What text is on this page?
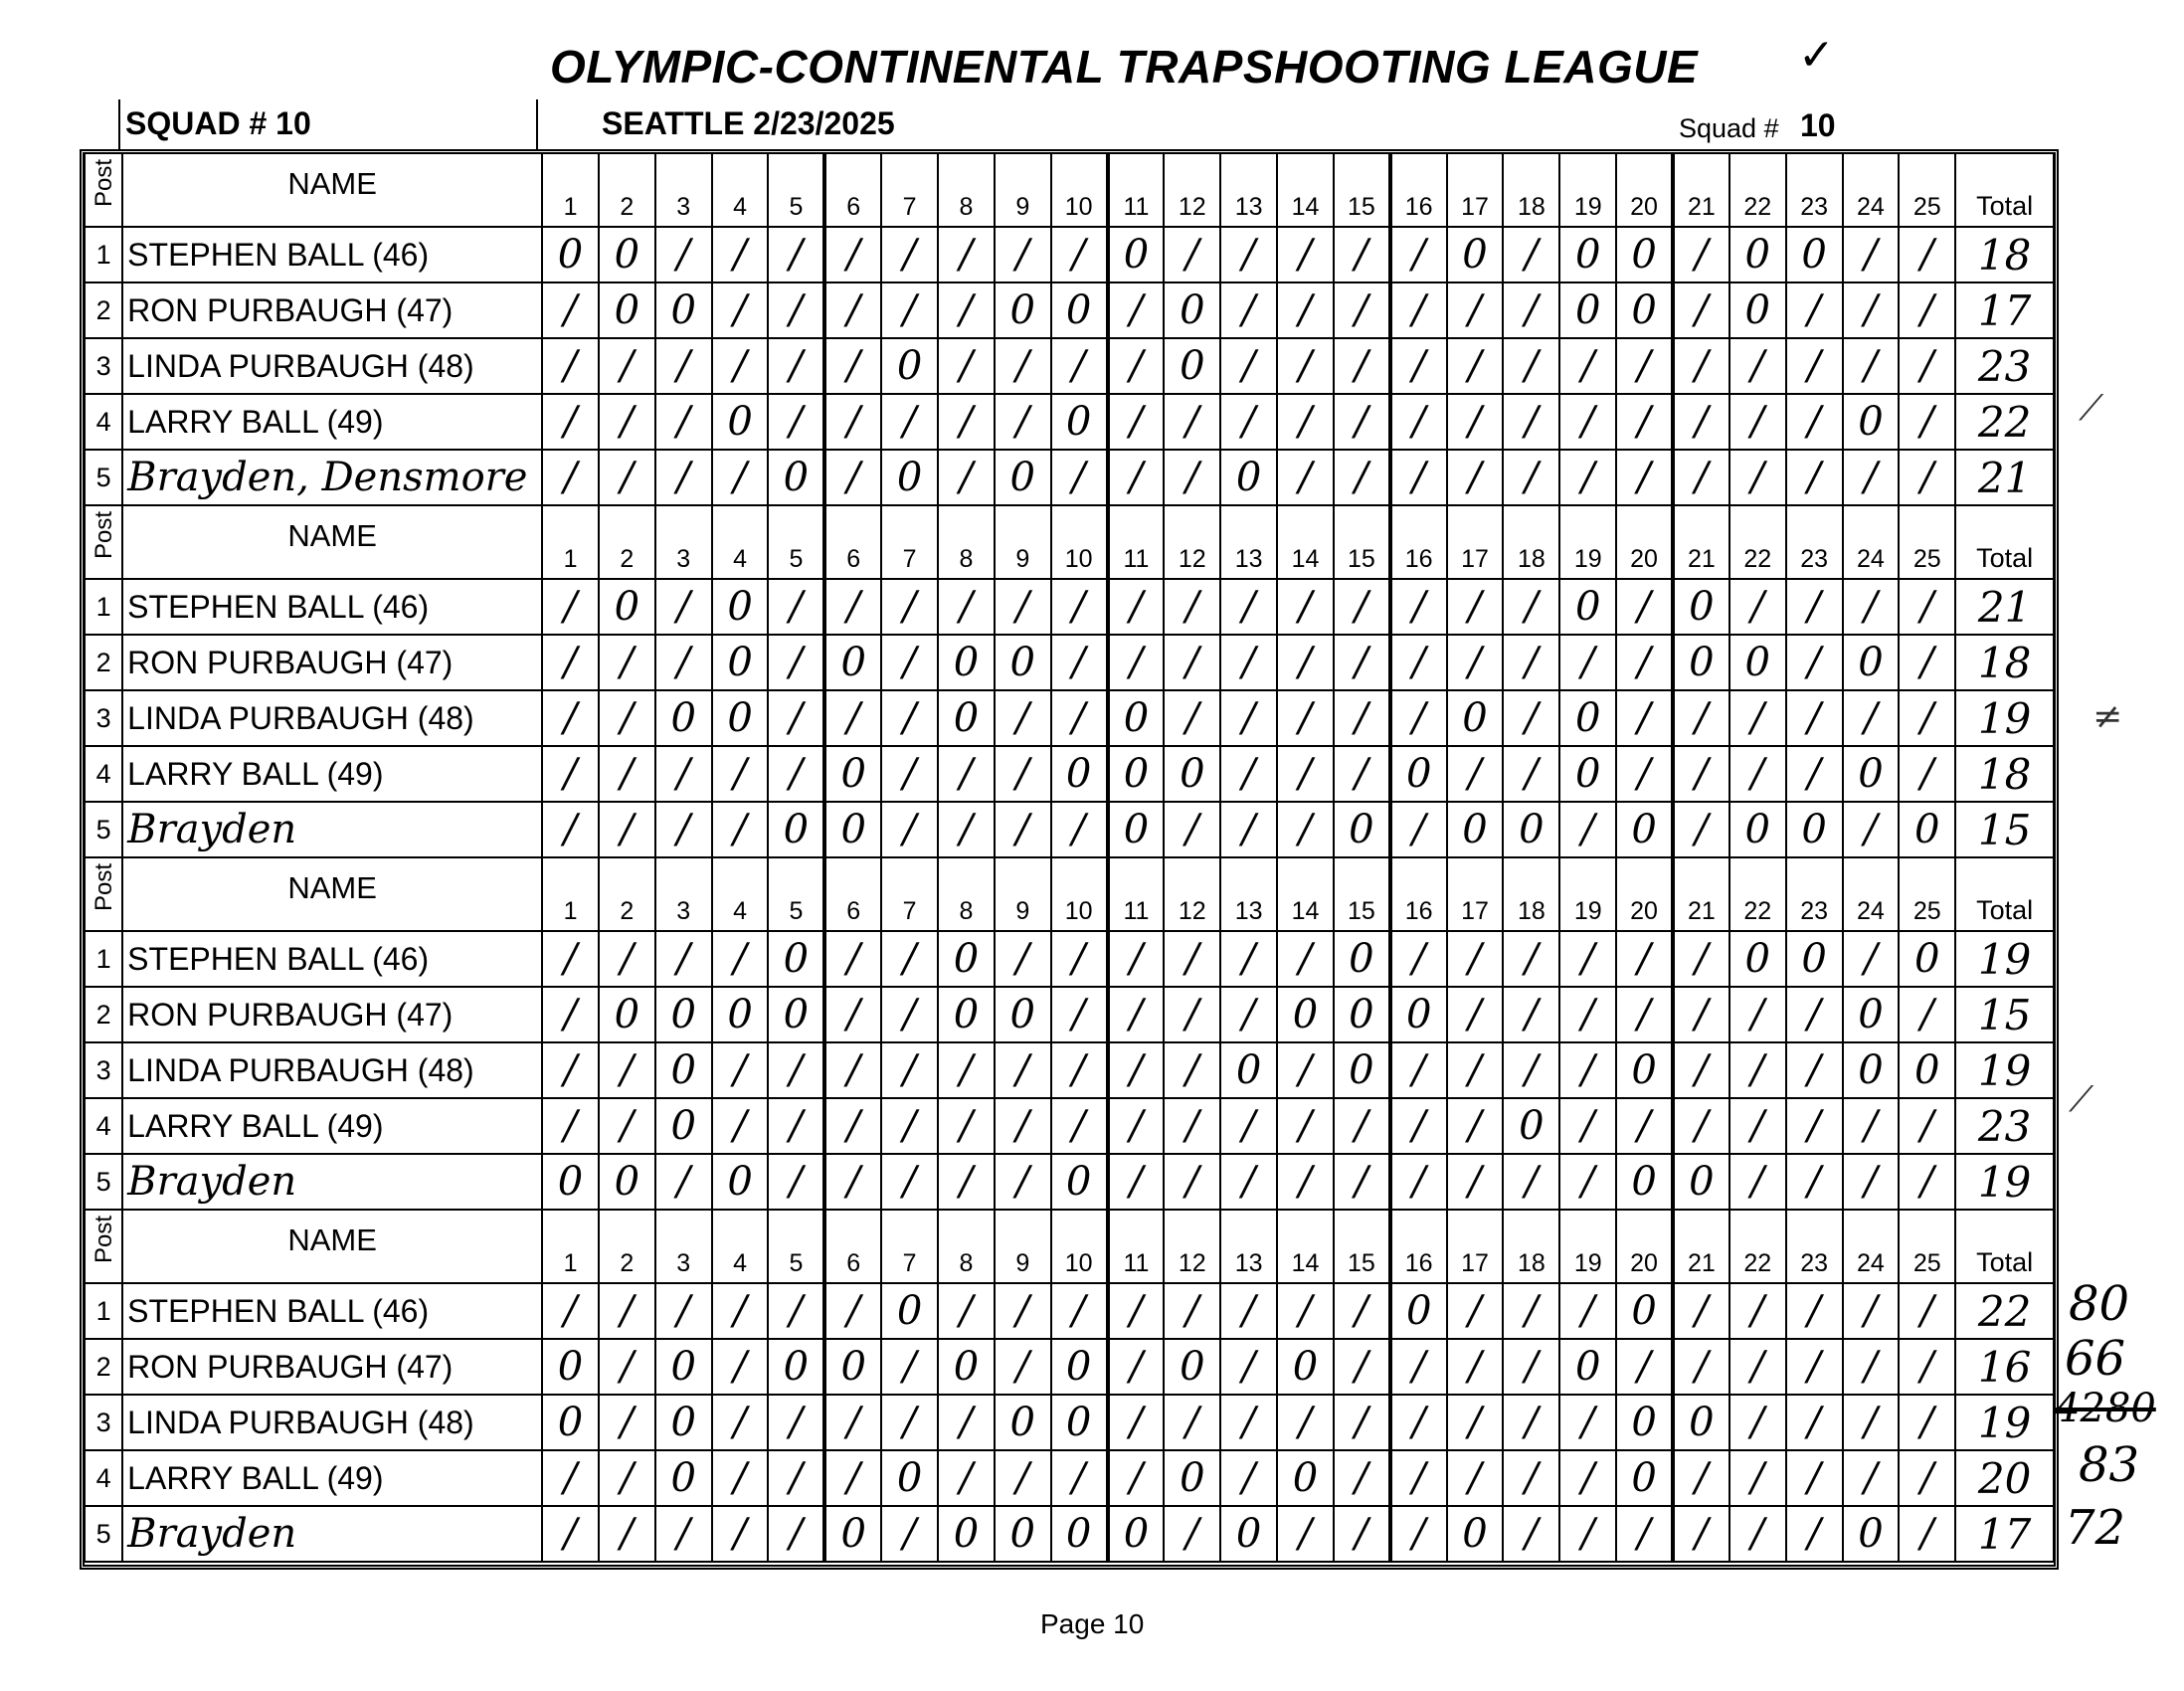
OLYMPIC-CONTINENTAL TRAPSHOOTING LEAGUE ✓
SQUAD # 10	SEATTLE 2/23/2025	Squad # 10
Post	NAME	1	2	3	4	5	6	7	8	9	10	11	12	13	14	15	16	17	18	19	20	21	22	23	24	25	Total
1	STEPHEN BALL (46)	0	0	/	/	/	/	/	/	/	/	0	/	/	/	/	/	0	/	0	0	/	0	0	/	/	18
2	RON PURBAUGH (47)	/	0	0	/	/	/	/	/	0	0	/	0	/	/	/	/	/	/	0	0	/	0	/	/	/	17
3	LINDA PURBAUGH (48)	/	/	/	/	/	/	0	/	/	/	/	0	/	/	/	/	/	/	/	/	/	/	/	/	/	23
4	LARRY BALL (49)	/	/	/	0	/	/	/	/	/	0	/	/	/	/	/	/	/	/	/	/	/	/	/	0	/	22
5	Brayden, Densmore	/	/	/	/	0	/	0	/	0	/	/	/	0	/	/	/	/	/	/	/	/	/	/	/	/	21
Post	NAME	1	2	3	4	5	6	7	8	9	10	11	12	13	14	15	16	17	18	19	20	21	22	23	24	25	Total
1	STEPHEN BALL (46)	/	0	/	0	/	/	/	/	/	/	/	/	/	/	/	/	/	/	0	/	0	/	/	/	/	21
2	RON PURBAUGH (47)	/	/	/	0	/	0	/	0	0	/	/	/	/	/	/	/	/	/	/	/	0	0	/	0	/	18
3	LINDA PURBAUGH (48)	/	/	0	0	/	/	/	0	/	/	0	/	/	/	/	/	0	/	0	/	/	/	/	/	/	19
4	LARRY BALL (49)	/	/	/	/	/	0	/	/	/	0	0	0	/	/	/	0	/	/	0	/	/	/	/	0	/	18
5	Brayden	/	/	/	/	0	0	/	/	/	/	0	/	/	/	0	/	0	0	/	0	/	0	0	/	0	15
Post	NAME	1	2	3	4	5	6	7	8	9	10	11	12	13	14	15	16	17	18	19	20	21	22	23	24	25	Total
1	STEPHEN BALL (46)	/	/	/	/	0	/	/	0	/	/	/	/	/	/	0	/	/	/	/	/	/	0	0	/	0	19
2	RON PURBAUGH (47)	/	0	0	0	0	/	/	0	0	/	/	/	/	0	0	0	/	/	/	/	/	/	/	0	/	15
3	LINDA PURBAUGH (48)	/	/	0	/	/	/	/	/	/	/	/	/	0	/	0	/	/	/	/	0	/	/	/	0	0	19
4	LARRY BALL (49)	/	/	0	/	/	/	/	/	/	/	/	/	/	/	/	/	/	0	/	/	/	/	/	/	/	23
5	Brayden	0	0	/	0	/	/	/	/	/	0	/	/	/	/	/	/	/	/	/	0	0	/	/	/	/	19
Post	NAME	1	2	3	4	5	6	7	8	9	10	11	12	13	14	15	16	17	18	19	20	21	22	23	24	25	Total
1	STEPHEN BALL (46)	/	/	/	/	/	/	0	/	/	/	/	/	/	/	/	0	/	/	/	0	/	/	/	/	/	22
2	RON PURBAUGH (47)	0	/	0	/	0	0	/	0	/	0	/	0	/	0	/	/	/	/	0	/	/	/	/	/	/	16
3	LINDA PURBAUGH (48)	0	/	0	/	/	/	/	/	0	0	/	/	/	/	/	/	/	/	/	0	0	/	/	/	/	19
4	LARRY BALL (49)	/	/	0	/	/	/	0	/	/	/	/	0	/	0	/	/	/	/	/	0	/	/	/	/	/	20
5	Brayden	/	/	/	/	/	0	/	0	0	0	0	/	0	/	/	/	0	/	/	/	/	/	/	0	/	17
80
66
4280
83
72
⟋
≠
⟋
Page 10
